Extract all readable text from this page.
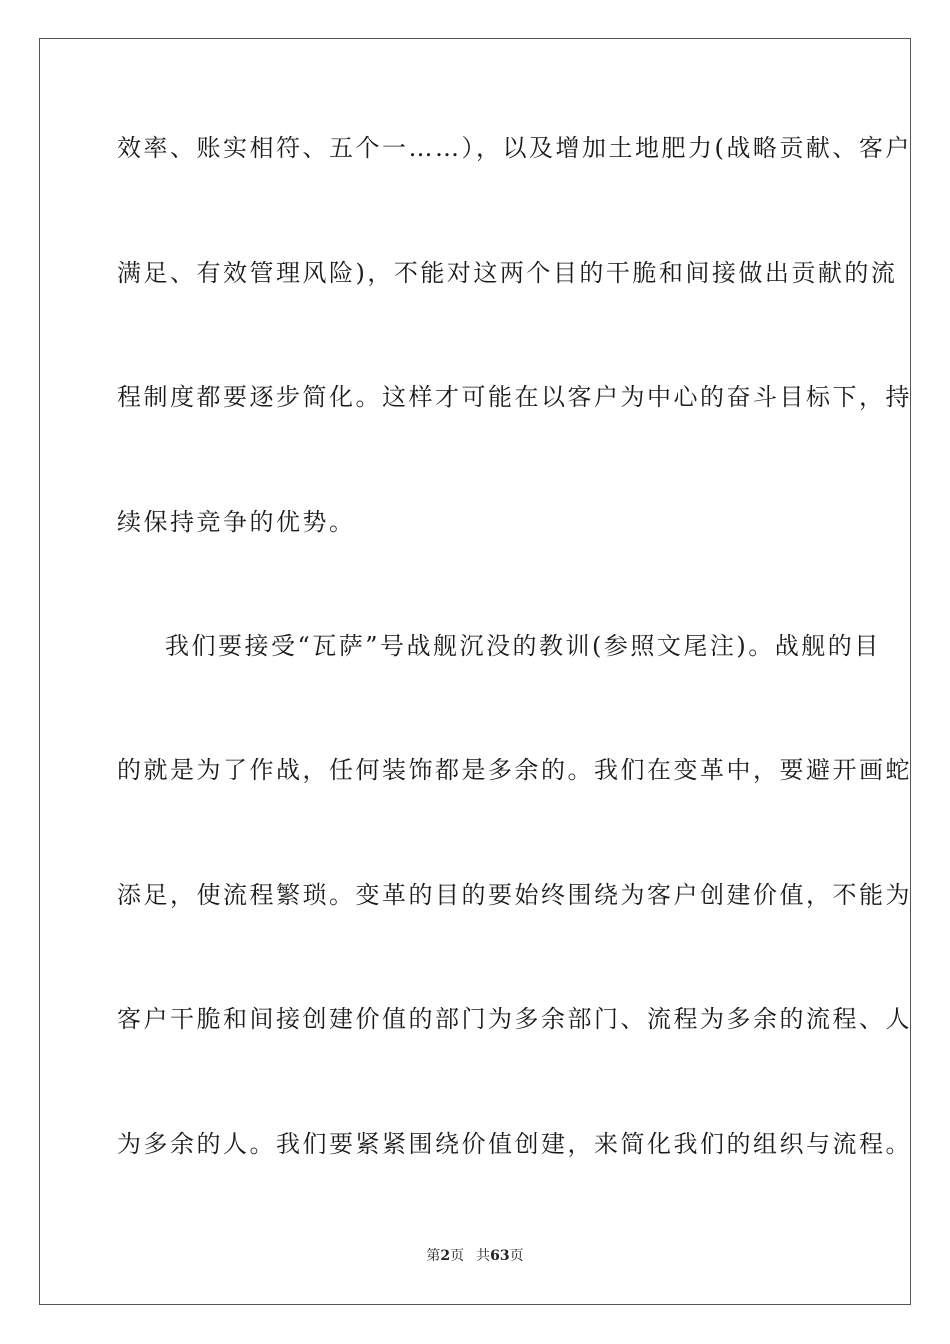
效率、账实相符、五个一……），以及增加土地肥力(战略贡献、客户
满足、有效管理风险)，不能对这两个目的干脆和间接做出贡献的流
程制度都要逐步简化。这样才可能在以客户为中心的奋斗目标下，持
续保持竞争的优势。
我们要接受“瓦萨”号战舰沉没的教训(参照文尾注)。战舰的目
的就是为了作战，任何装饰都是多余的。我们在变革中，要避开画蛇
添足，使流程繁琐。变革的目的要始终围绕为客户创建价值，不能为
客户干脆和间接创建价值的部门为多余部门、流程为多余的流程、人
为多余的人。我们要紧紧围绕价值创建，来简化我们的组织与流程。
第2页 共63页
